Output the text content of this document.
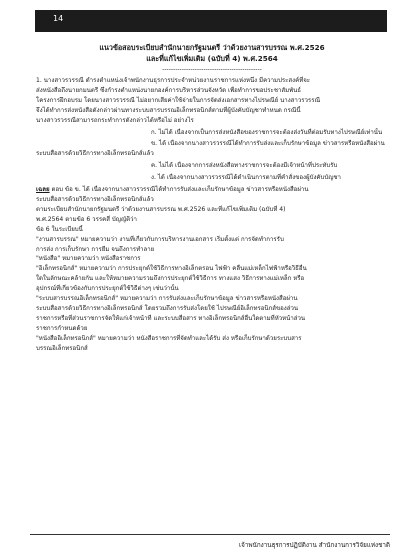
14
แนวข้อสอบระเบียบสำนักนายกรัฐมนตรี ว่าด้วยงานสารบรรณ พ.ศ.2526
และที่แก้ไขเพิ่มเติม (ฉบับที่ 4) พ.ศ.2564
----------------------------------------------

1. นางสาวรวรรณี ดำรงตำแหน่งเจ้าพนักงานธุรการประจำหน่วยงานราชการแห่งหนึ่ง มีความประสงค์ที่จะ

ส่งหนังสือถึงนายกมนตรี ซึ่งกำรงตำแหน่งนายกองค์การบริหารส่วนจังหวัด เพื่อทำการขอประชาสัมพันธ์

โครงการฝึกอบรม โดยนางสาวรวรรณี ไม่อยากเสียค่าใช้จ่ายในการจัดส่งเอกสารทางไปรษณีย์ นางสาวรวรรณี

จึงได้ทำการส่งหนังสือดังกล่าวผ่านทางระบบสารบรรณอิเล็กทรอนิกส์ตามที่ผู้บังคับบัญชาทำหนด กรณีนี้

นางสาวรวรรณีสามารถกระทำการดังกล่าวได้หรือไม่ อย่างไร

ก. ไม่ได้ เนื่องจากเป็นการส่งหนังสือของราชการจะต้องส่งวันที่ต่อมรับทางไปรษณีย์เท่านั้น

ข. ได้ เนื่องจากนางสาวรวรรณีได้ทำการรับส่งและเก็บรักษาข้อมูล ข่าวสารหรือหนังสือผ่าน

ระบบสื่อสารด้วยวิธีการทางอิเล็กทรอนิกส์แล้ว

ค. ไม่ได้ เนื่องจากการส่งหนังสือทางราชการจะต้องมีเจ้าหน้าที่ประทับรับ

ง. ได้ เนื่องจากนางสาวรวรรณีได้ดำเนินการตามที่คำสั่งของผู้บังคับบัญชา

เฉลย ตอบ ข้อ ข. ได้ เนื่องจากนางสาวรวรรณีได้ทำการรับส่งและเก็บรักษาข้อมูล ข่าวสารหรือหนังสือผ่าน

ระบบสื่อสารด้วยวิธีการทางอิเล็กทรอนิกส์แล้ว

ตามระเบียบสำนักนายกรัฐมนตรี ว่าด้วยงานสารบรรณ พ.ศ.2526 และที่แก้ไขเพิ่มเติม (ฉบับที่ 4)

พ.ศ.2564 ตามข้อ 6 วรรคสี่ บัญญัติว่า

ข้อ 6 ในระเบียบนี้

"งานสารบรรณ" หมายความว่า งานที่เกี่ยวกับการบริหารงานเอกสาร เริ่มตั้งแต่ การจัดทำการรับ

การส่ง การเก็บรักษา การยืม จนถึงการทำลาย

"หนังสือ" หมายความว่า หนังสือราชการ

"อิเล็กทรอนิกส์" หมายความว่า การประยุกต์ใช้วิธีการทางอิเล็กตรอน ไฟฟ้า คลื่นแม่เหล็กไฟฟ้าหรือวิธีอื่น

ใดในลักษณะคล้ายกัน และให้หมายความรวมถึงการประยุกต์ใช้วิธีการ ทางแสง วิธีการทางแม่เหล็ก หรือ

อุปกรณ์ที่เกี่ยวข้องกับการประยุกต์ใช้วิธีต่างๆ เช่นว่านั้น

"ระบบสารบรรณอิเล็กทรอนิกส์" หมายความว่า การรับส่งและเก็บรักษาข้อมูล ข่าวสารหรือหนังสือผ่าน

ระบบสื่อสารด้วยวิธีการทางอิเล็กทรอนิกส์ โดยรวมถึงการรับส่งโดยใช้ ไปรษณีย์อิเล็กทรอนิกส์ของส่วน

ราชการหรือที่ส่วนราชการจัดให้แก่เจ้าหน้าที่ และระบบสื่อสาร ทางอิเล็กทรอนิกส์อื่นใดตามที่หัวหน้าส่วน

ราชการกำหนดด้วย

"หนังสืออิเล็กทรอนิกส์" หมายความว่า หนังสือราชการที่จัดทำและได้รับ ส่ง หรือเก็บรักษาด้วยระบบสาร

บรรณอิเล็กทรอนิกส์

เจ้าพนักงานธุรการปฏิบัติงาน สำนักงานการวิจัยแห่งชาติ
